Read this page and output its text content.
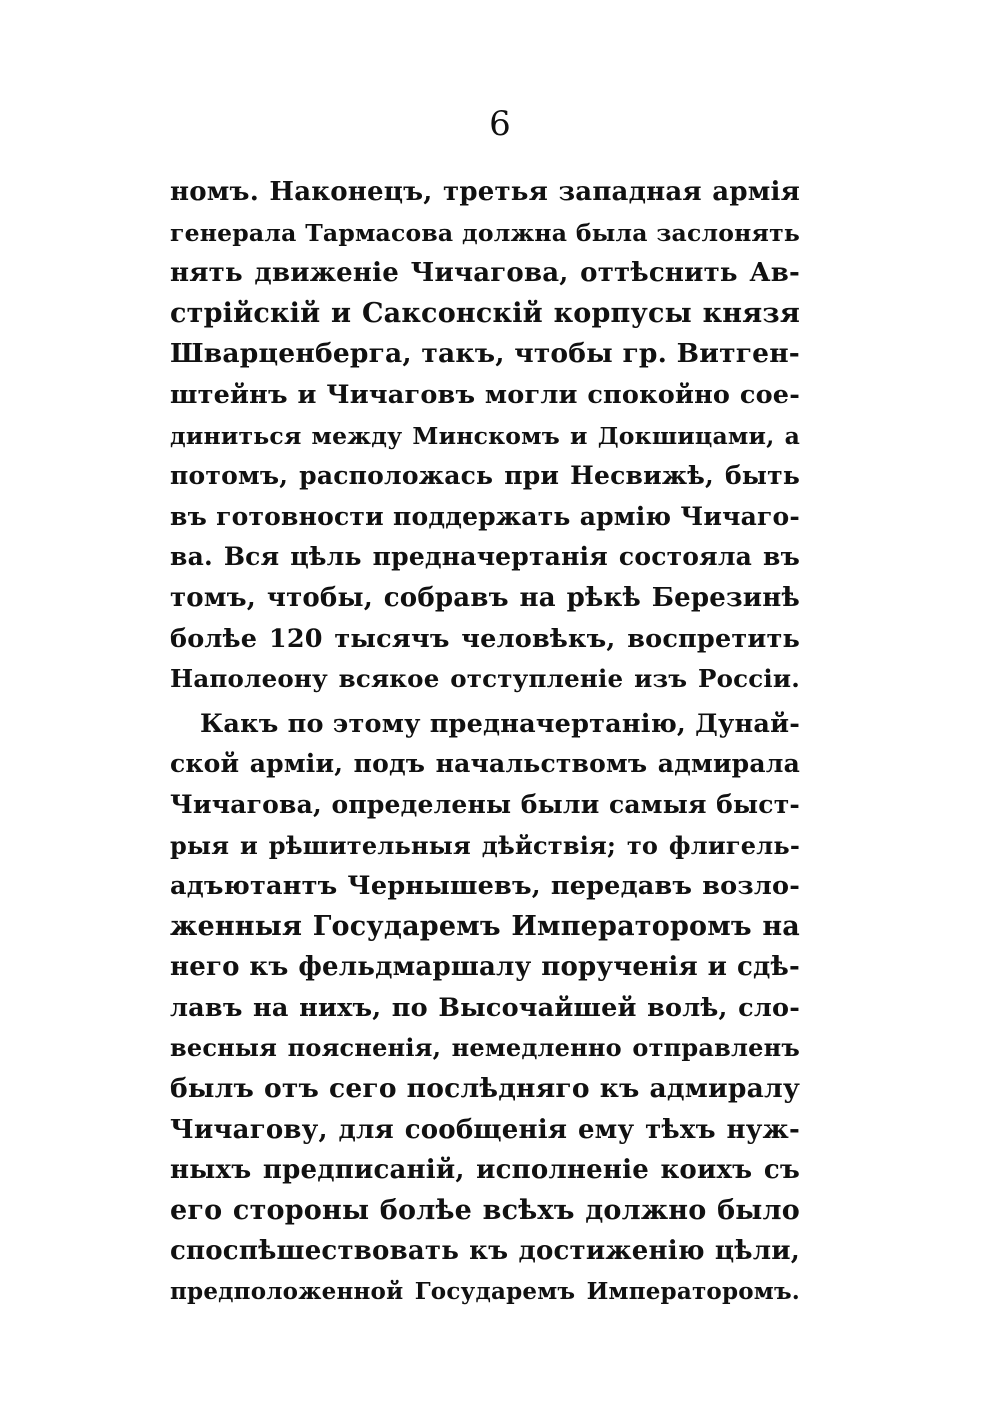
6
номъ. Наконецъ, третья западная армія
генерала Тармасова должна была заслонять
нять движеніе Чичагова, оттѣснить Ав-
стрійскій и Саксонскій корпусы князя
Шварценберга, такъ, чтобы гр. Витген-
штейнъ и Чичаговъ могли спокойно сое-
диниться между Минскомъ и Докшицами, а
потомъ, расположась при Несвижѣ, быть
въ готовности поддержать армію Чичаго-
ва. Вся цѣль предначертанія состояла въ
томъ, чтобы, собравъ на рѣкѣ Березинѣ
болѣе 120 тысячъ человѣкъ, воспретить
Наполеону всякое отступленіе изъ Россіи.
Какъ по этому предначертанію, Дунай-
ской арміи, подъ начальствомъ адмирала
Чичагова, определены были самыя быст-
рыя и рѣшительныя дѣйствія; то флигель-
адъютантъ Чернышевъ, передавъ возло-
женныя Государемъ Императоромъ на
него къ фельдмаршалу порученія и сдѣ-
лавъ на нихъ, по Высочайшей волѣ, сло-
весныя поясненія, немедленно отправленъ
былъ отъ сего послѣдняго къ адмиралу
Чичагову, для сообщенія ему тѣхъ нуж-
ныхъ предписаній, исполненіе коихъ съ
его стороны болѣе всѣхъ должно было
споспѣшествовать къ достиженію цѣли,
предположенной Государемъ Императоромъ.
